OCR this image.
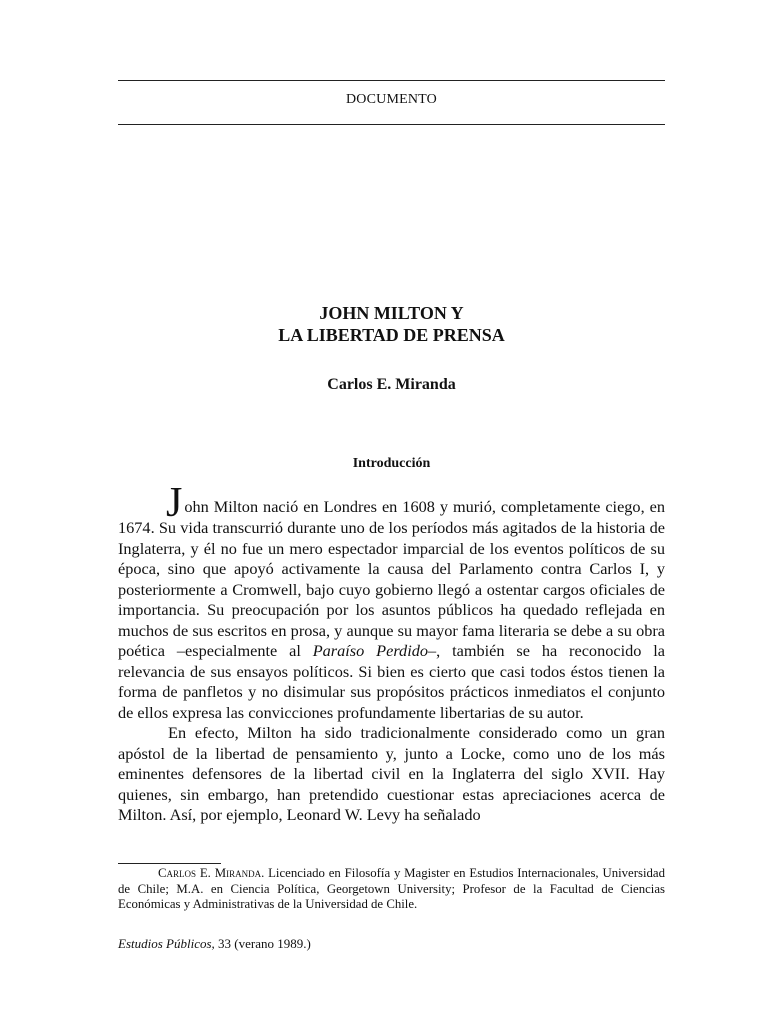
DOCUMENTO
JOHN MILTON Y
LA LIBERTAD DE PRENSA
Carlos E. Miranda
Introducción

John Milton nació en Londres en 1608 y murió, completamente ciego, en 1674. Su vida transcurrió durante uno de los períodos más agitados de la historia de Inglaterra, y él no fue un mero espectador imparcial de los eventos políticos de su época, sino que apoyó activamente la causa del Parlamento contra Carlos I, y posteriormente a Cromwell, bajo cuyo gobierno llegó a ostentar cargos oficiales de importancia. Su preocupación por los asuntos públicos ha quedado reflejada en muchos de sus escritos en prosa, y aunque su mayor fama literaria se debe a su obra poética –especialmente al Paraíso Perdido–, también se ha reconocido la relevancia de sus ensayos políticos. Si bien es cierto que casi todos éstos tienen la forma de panfletos y no disimular sus propósitos prácticos inmediatos el conjunto de ellos expresa las convicciones profundamente libertarias de su autor.

En efecto, Milton ha sido tradicionalmente considerado como un gran apóstol de la libertad de pensamiento y, junto a Locke, como uno de los más eminentes defensores de la libertad civil en la Inglaterra del siglo XVII. Hay quienes, sin embargo, han pretendido cuestionar estas apreciaciones acerca de Milton. Así, por ejemplo, Leonard W. Levy ha señalado

Carlos E. Miranda. Licenciado en Filosofía y Magister en Estudios Internacionales, Universidad de Chile; M.A. en Ciencia Política, Georgetown University; Profesor de la Facultad de Ciencias Económicas y Administrativas de la Universidad de Chile.
Estudios Públicos, 33 (verano 1989.)
